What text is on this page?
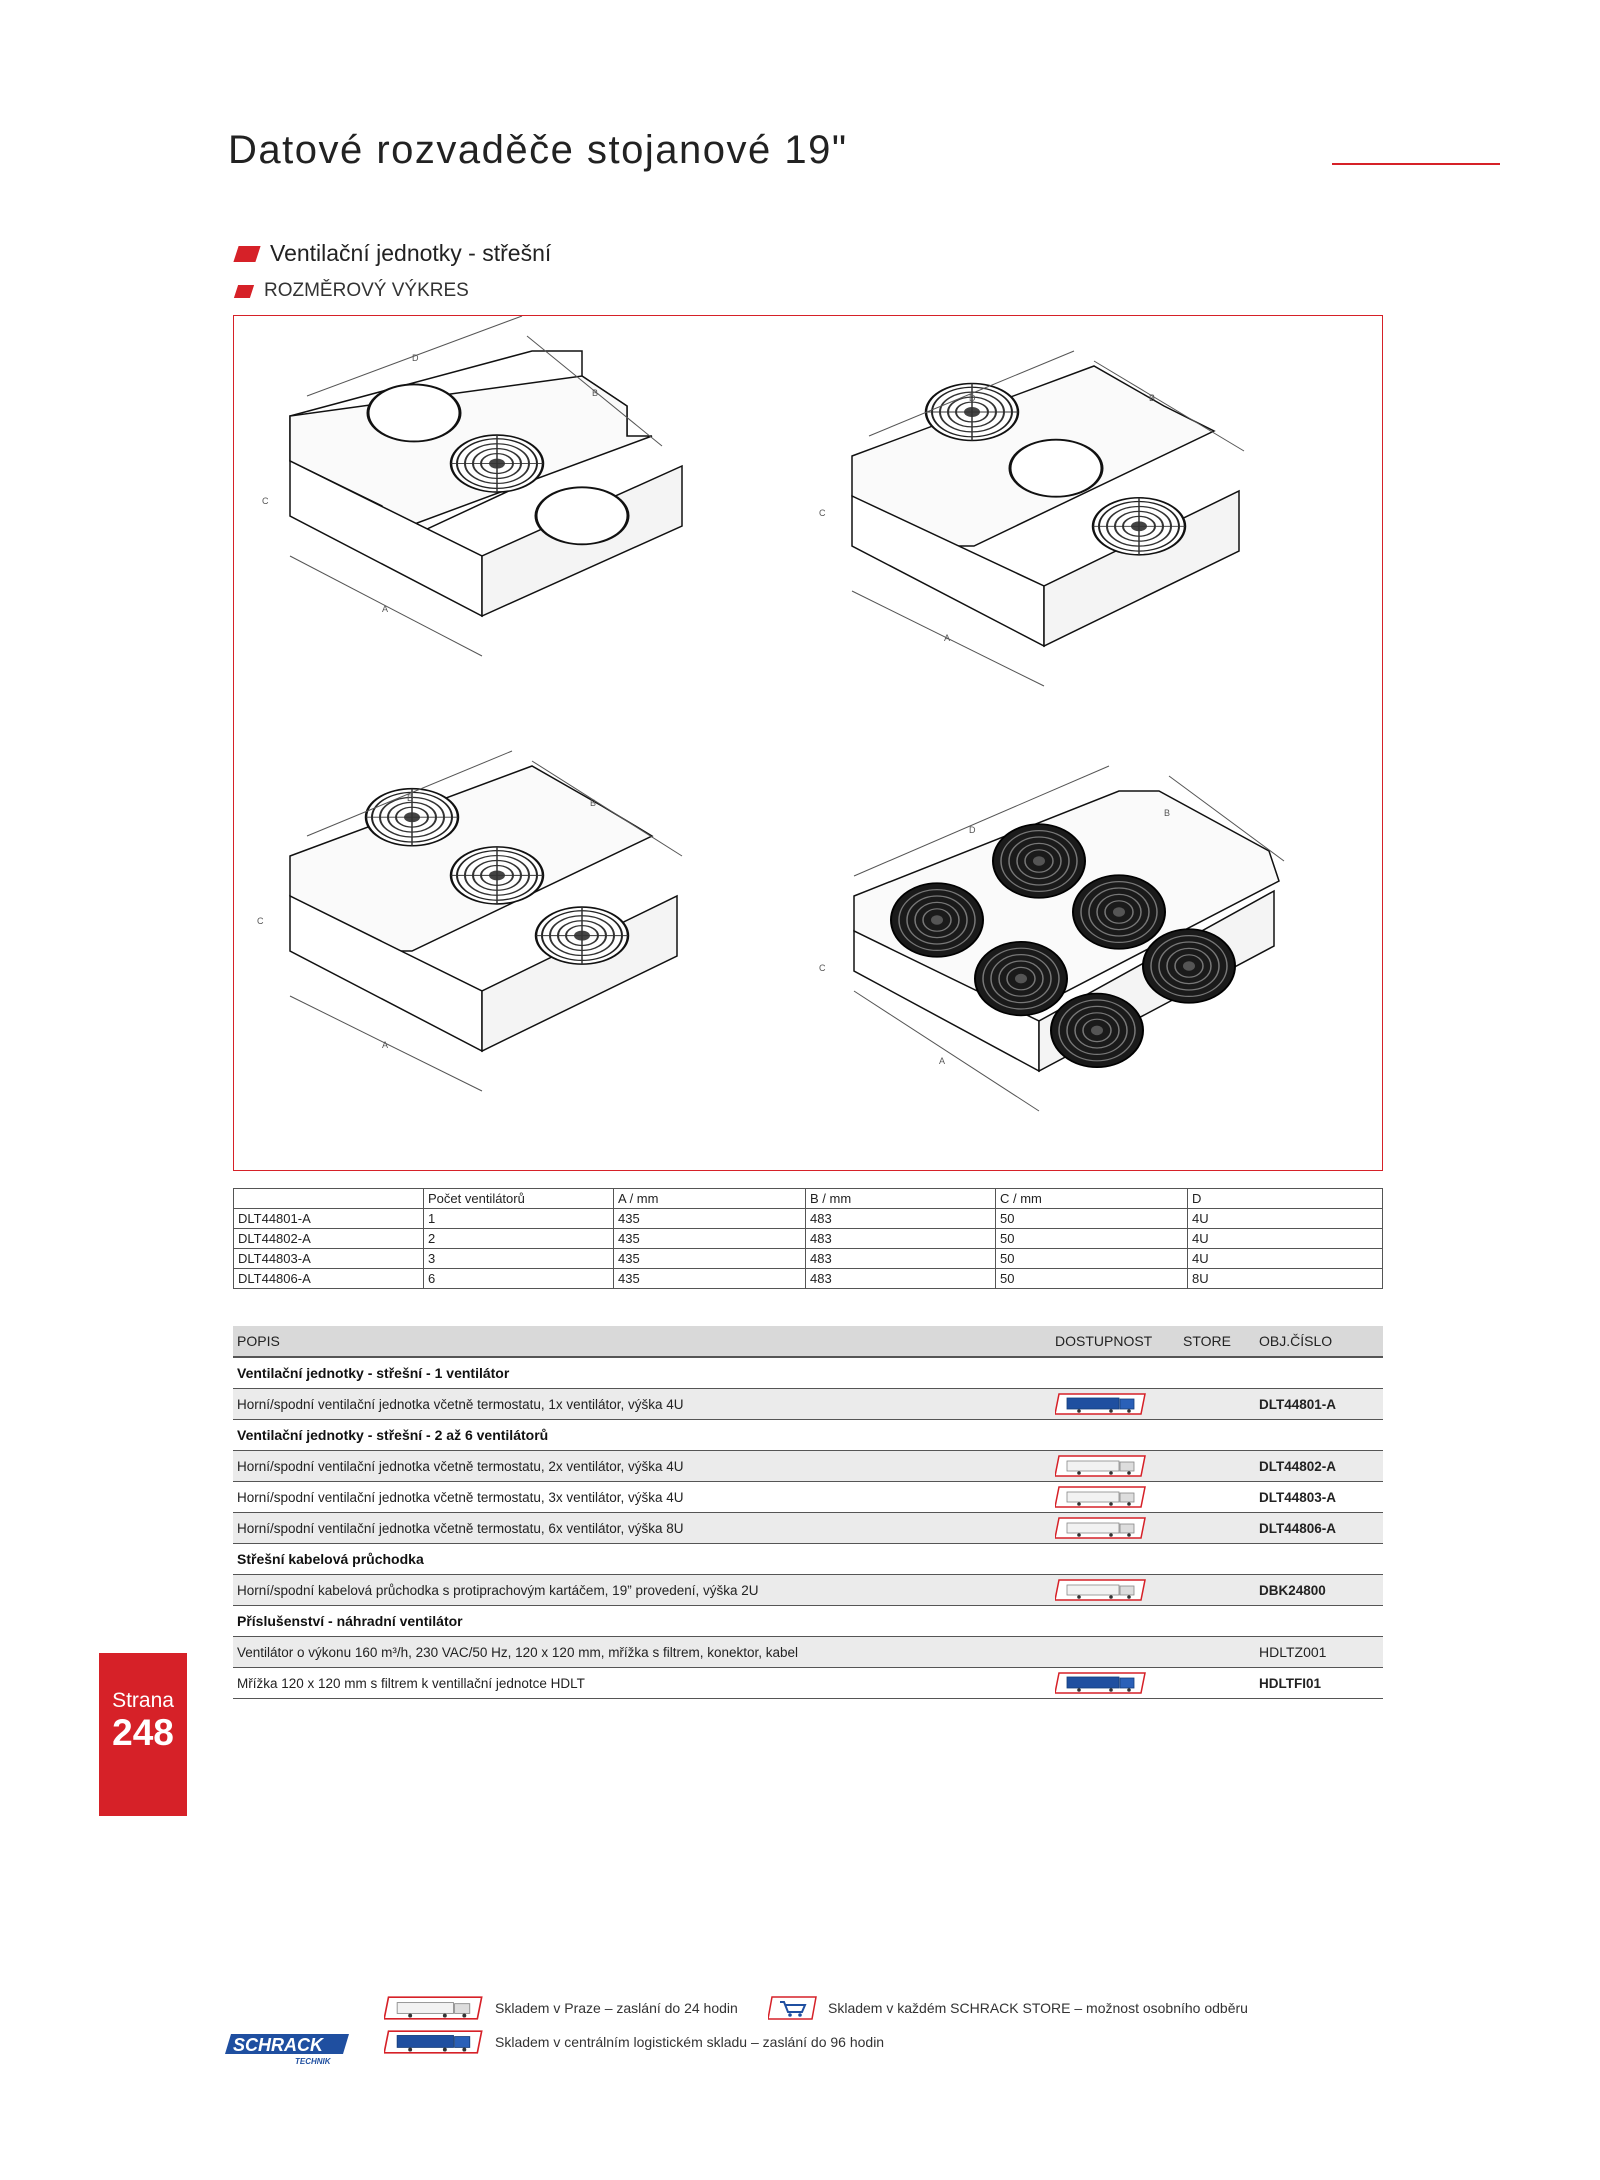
Datové rozvaděče stojanové 19"
Ventilační jednotky - střešní
ROZMĚROVÝ VÝKRES
A
B
C
D
A
B
C
D
A
B
C
D
A
B
C
D
	Počet ventilátorů	A / mm	B / mm	C / mm	D
DLT44801-A	1	435	483	50	4U
DLT44802-A	2	435	483	50	4U
DLT44803-A	3	435	483	50	4U
DLT44806-A	6	435	483	50	8U
POPIS	DOSTUPNOST	STORE	OBJ.ČÍSLO
Ventilační jednotky - střešní - 1 ventilátor			
Horní/spodní ventilační jednotka včetně termostatu, 1x ventilátor, výška 4U			DLT44801-A
Ventilační jednotky - střešní - 2 až 6 ventilátorů			
Horní/spodní ventilační jednotka včetně termostatu, 2x ventilátor, výška 4U			DLT44802-A
Horní/spodní ventilační jednotka včetně termostatu, 3x ventilátor, výška 4U			DLT44803-A
Horní/spodní ventilační jednotka včetně termostatu, 6x ventilátor, výška 8U			DLT44806-A
Střešní kabelová průchodka			
Horní/spodní kabelová průchodka s protiprachovým kartáčem, 19” provedení, výška 2U			DBK24800
Příslušenství - náhradní ventilátor			
Ventilátor o výkonu 160 m³/h, 230 VAC/50 Hz, 120 x 120 mm, mřížka s filtrem, konektor, kabel			HDLTZ001
Mřížka 120 x 120 mm s filtrem k ventillační jednotce HDLT			HDLTFI01
Strana
248
Skladem v Praze – zaslání do 24 hodin	Skladem v každém SCHRACK STORE – možnost osobního odběru
Skladem v centrálním logistickém skladu – zaslání do 96 hodin
SCHRACK
TECHNIK
